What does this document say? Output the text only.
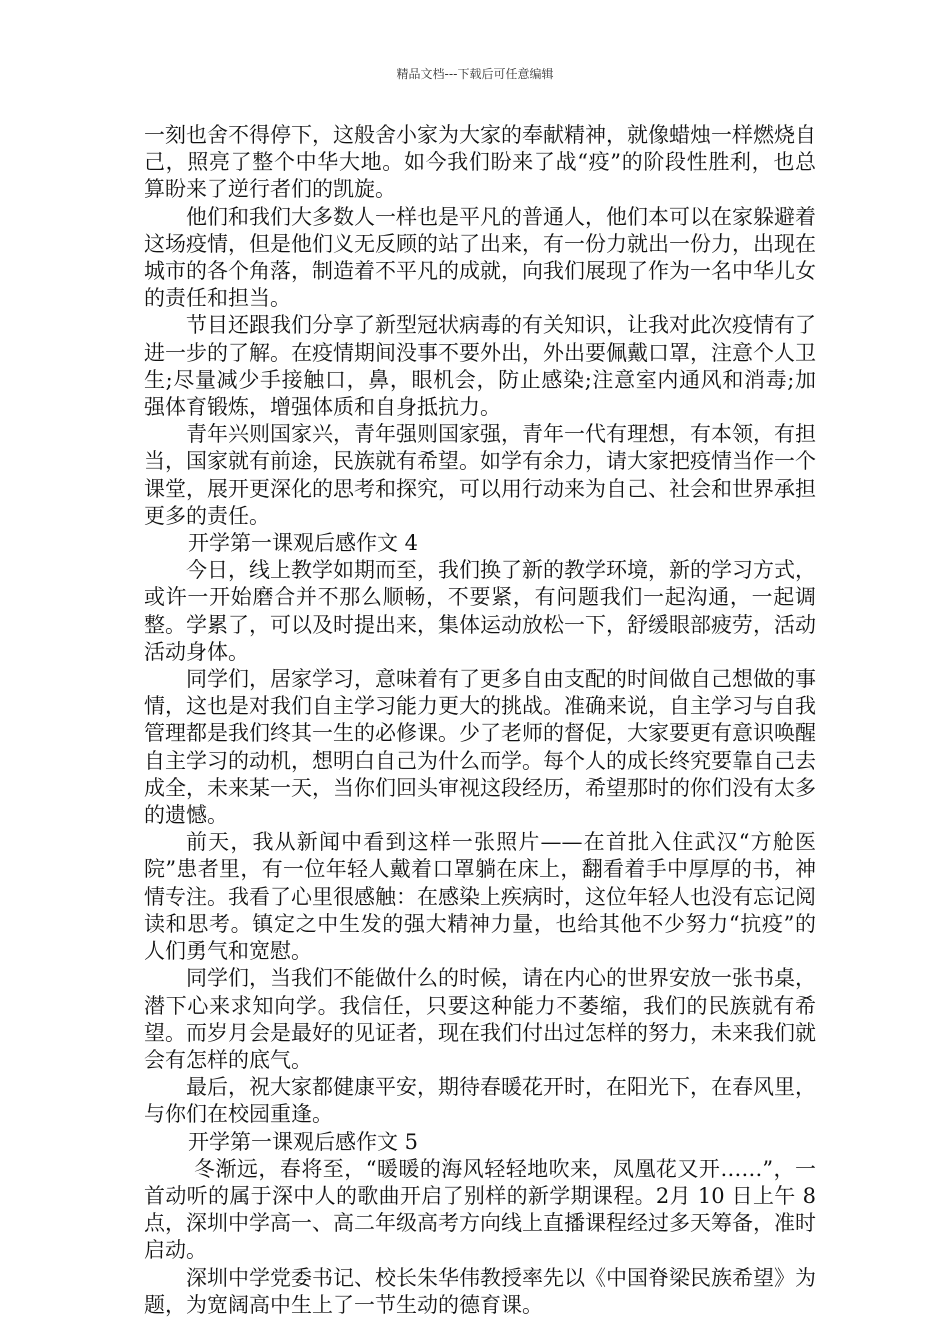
精品文档---下载后可任意编辑

一刻也舍不得停下，这般舍小家为大家的奉献精神，就像蜡烛一样燃烧自己，照亮了整个中华大地。如今我们盼来了战“疫”的阶段性胜利，也总算盼来了逆行者们的凯旋。

他们和我们大多数人一样也是平凡的普通人，他们本可以在家躲避着这场疫情，但是他们义无反顾的站了出来，有一份力就出一份力，出现在城市的各个角落，制造着不平凡的成就，向我们展现了作为一名中华儿女的责任和担当。

节目还跟我们分享了新型冠状病毒的有关知识，让我对此次疫情有了进一步的了解。在疫情期间没事不要外出，外出要佩戴口罩，注意个人卫生;尽量减少手接触口，鼻，眼机会，防止感染;注意室内通风和消毒;加强体育锻炼，增强体质和自身抵抗力。

青年兴则国家兴，青年强则国家强，青年一代有理想，有本领，有担当，国家就有前途，民族就有希望。如学有余力，请大家把疫情当作一个课堂，展开更深化的思考和探究，可以用行动来为自己、社会和世界承担更多的责任。

开学第一课观后感作文 4

今日，线上教学如期而至，我们换了新的教学环境，新的学习方式，或许一开始磨合并不那么顺畅，不要紧，有问题我们一起沟通，一起调整。学累了，可以及时提出来，集体运动放松一下，舒缓眼部疲劳，活动活动身体。

同学们，居家学习，意味着有了更多自由支配的时间做自己想做的事情，这也是对我们自主学习能力更大的挑战。准确来说，自主学习与自我管理都是我们终其一生的必修课。少了老师的督促，大家要更有意识唤醒自主学习的动机，想明白自己为什么而学。每个人的成长终究要靠自己去成全，未来某一天，当你们回头审视这段经历，希望那时的你们没有太多的遗憾。

前天，我从新闻中看到这样一张照片——在首批入住武汉“方舱医院”患者里，有一位年轻人戴着口罩躺在床上，翻看着手中厚厚的书，神情专注。我看了心里很感触：在感染上疾病时，这位年轻人也没有忘记阅读和思考。镇定之中生发的强大精神力量，也给其他不少努力“抗疫”的人们勇气和宽慰。

同学们，当我们不能做什么的时候，请在内心的世界安放一张书桌，潜下心来求知向学。我信任，只要这种能力不萎缩，我们的民族就有希望。而岁月会是最好的见证者，现在我们付出过怎样的努力，未来我们就会有怎样的底气。

最后，祝大家都健康平安，期待春暖花开时，在阳光下，在春风里，与你们在校园重逢。

开学第一课观后感作文 5

冬渐远，春将至，“暖暖的海风轻轻地吹来，凤凰花又开……”，一首动听的属于深中人的歌曲开启了别样的新学期课程。2月 10 日上午 8 点，深圳中学高一、高二年级高考方向线上直播课程经过多天筹备，准时启动。

深圳中学党委书记、校长朱华伟教授率先以《中国脊梁民族希望》为题，为宽阔高中生上了一节生动的德育课。
